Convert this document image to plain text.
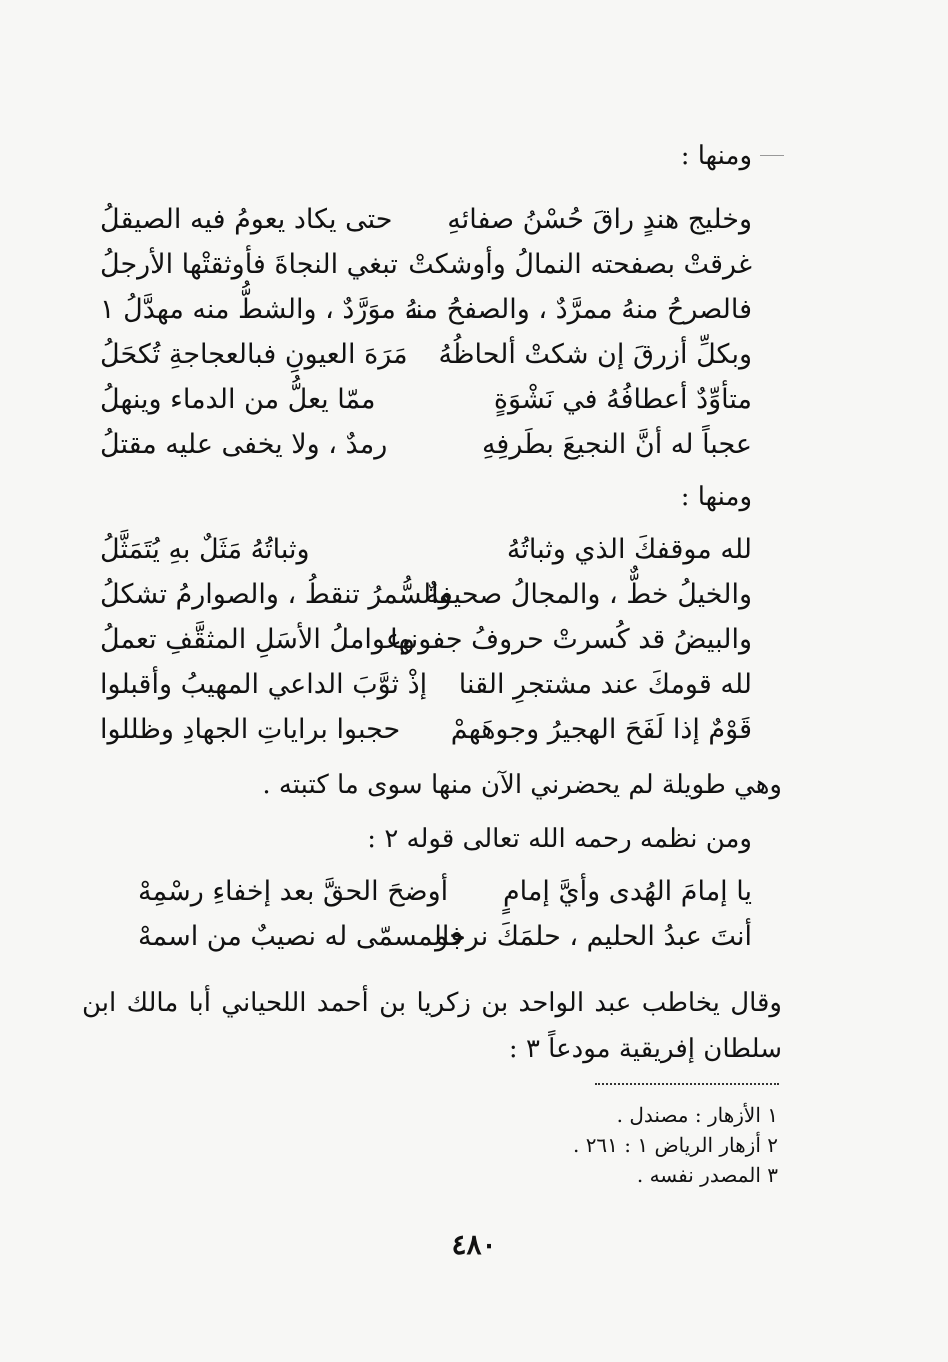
ومنها :
وخليج هندٍ راقَ حُسْنُ صفائهِ
حتى يكاد يعومُ فيه الصيقلُ
غرقتْ بصفحته النمالُ وأوشكتْ
تبغي النجاةَ فأوثقتْها الأرجلُ
فالصرحُ منهُ ممرَّدٌ ، والصفحُ منـ
ـهُ موَرَّدٌ ، والشطُّ منه مهدَّلُ ١
وبكلِّ أزرقَ إن شكتْ ألحاظُهُ
مَرَهَ العيونِ فبالعجاجةِ تُكحَلُ
متأوِّدٌ أعطافُهُ في نَشْوَةٍ
ممّا يعلُّ من الدماء وينهلُ
عجباً له أنَّ النجيعَ بطَرفِهِ
رمدٌ ، ولا يخفى عليه مقتلُ
ومنها :
لله موقفكَ الذي وثباتُهُ
وثباتُهُ مَثَلٌ بهِ يُتَمَثَّلُ
والخيلُ خطٌّ ، والمجالُ صحيفةٌ
والسُّمرُ تنقطُ ، والصوارمُ تشكلُ
والبيضُ قد كُسرتْ حروفُ جفونها
وعواملُ الأسَلِ المثقَّفِ تعملُ
لله قومكَ عند مشتجرِ القنا
إذْ ثوَّبَ الداعي المهيبُ وأقبلوا
قَوْمٌ إذا لَفَحَ الهجيرُ وجوهَهمْ
حجبوا براياتِ الجهادِ وظللوا
وهي طويلة لم يحضرني الآن منها سوى ما كتبته .
ومن نظمه رحمه الله تعالى قوله ٢ :
يا إمامَ الهُدى وأيَّ إمامٍ
أوضحَ الحقَّ بعد إخفاءِ رسْمِهْ
أنتَ عبدُ الحليم ، حلمَكَ نرجو
فالمسمّى له نصيبٌ من اسمهْ
وقال يخاطب عبد الواحد بن زكريا بن أحمد اللحياني أبا مالك ابن سلطان إفريقية مودعاً ٣ :
١ الأزهار : مصندل .
٢ أزهار الرياض ١ : ٢٦١ .
٣ المصدر نفسه .
٤٨٠
